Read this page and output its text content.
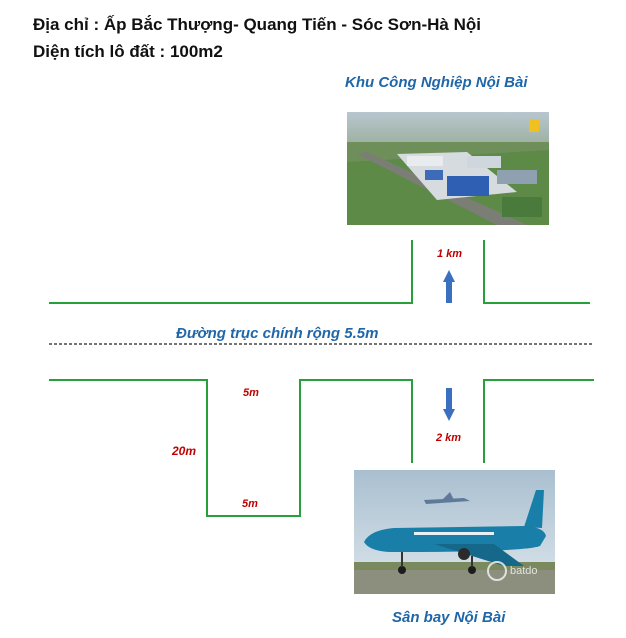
Địa chỉ : Ấp Bắc Thượng- Quang Tiến - Sóc Sơn-Hà Nội
Diện tích lô đất : 100m2
Khu Công Nghiệp Nội Bài
1 km
Đường trục chính rộng 5.5m
5m
20m
5m
2 km
batdo
Sân bay Nội Bài
